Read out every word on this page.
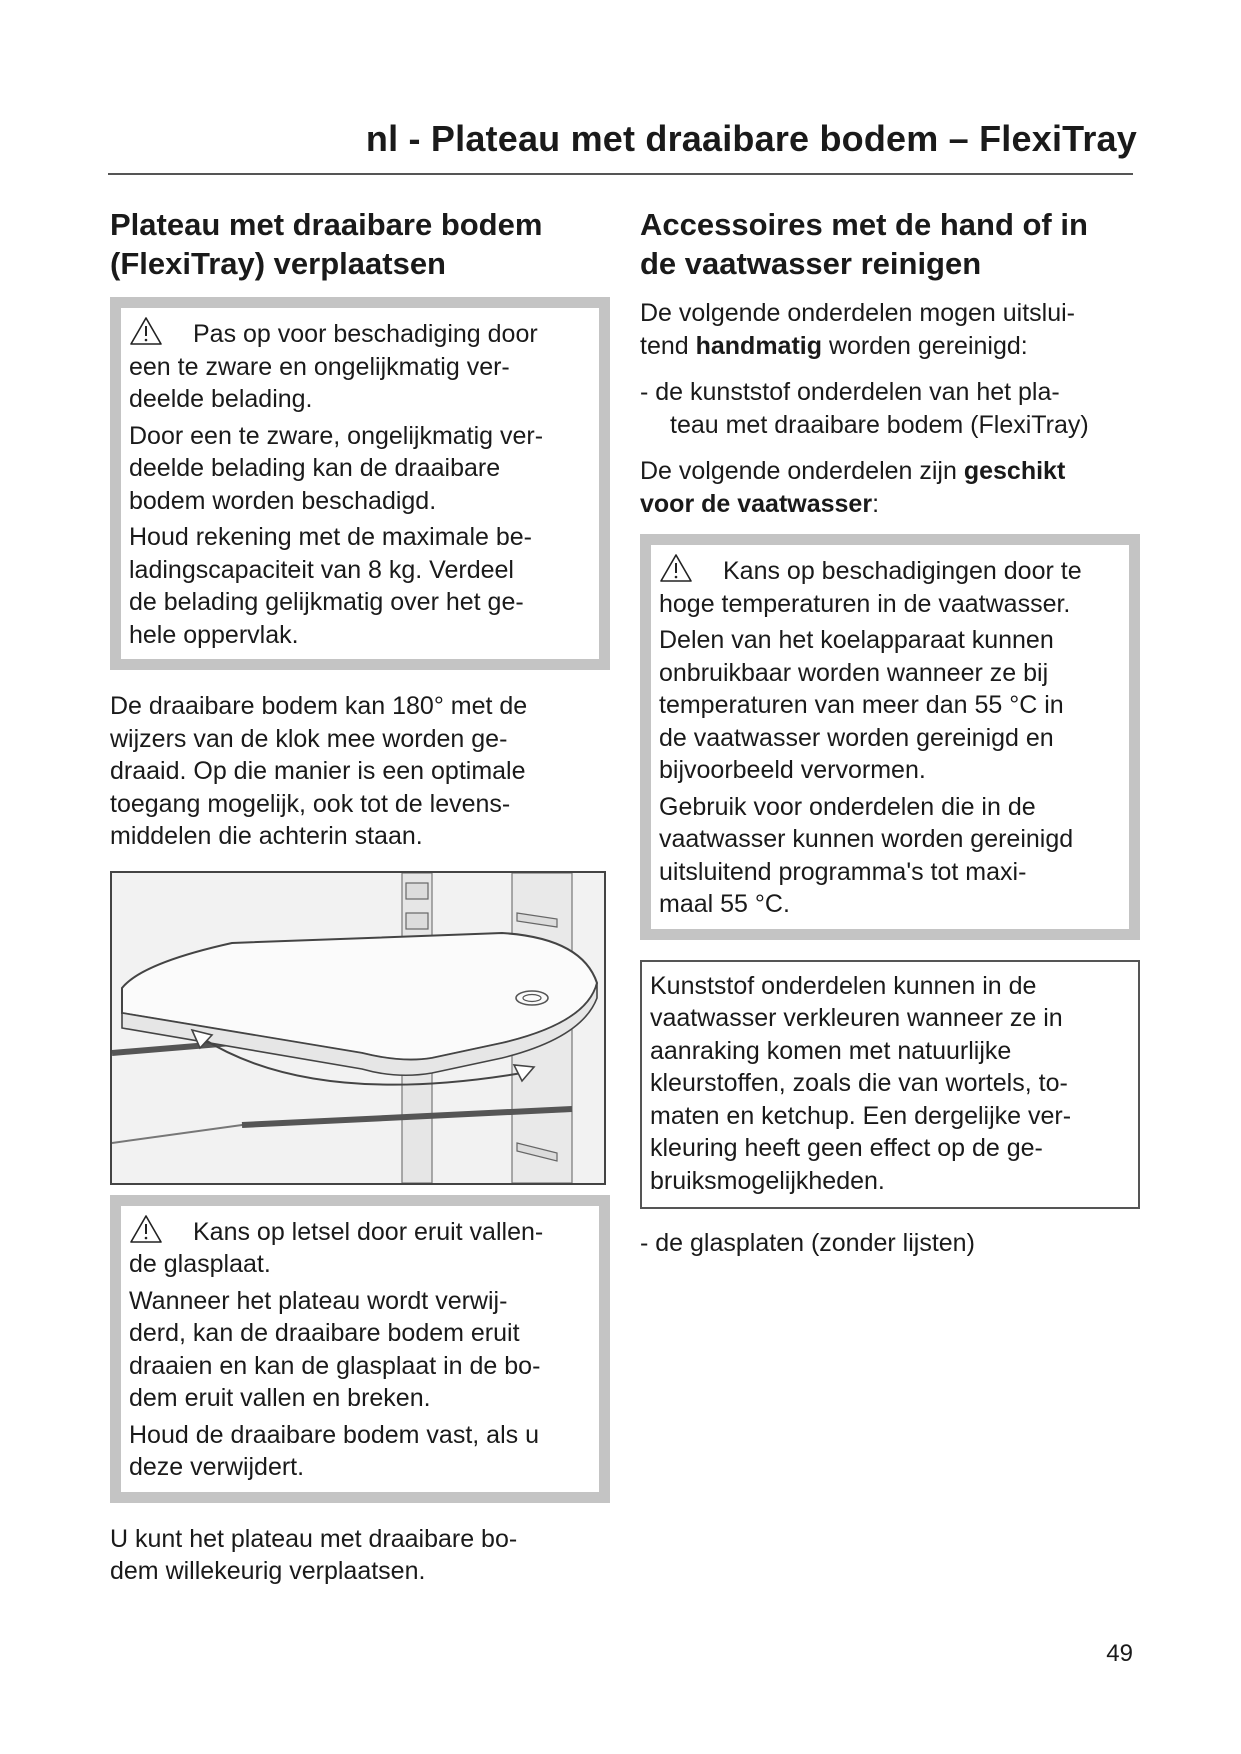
nl - Plateau met draaibare bodem – FlexiTray
Plateau met draaibare bodem
(FlexiTray) verplaatsen

Pas op voor beschadiging door
een te zware en ongelijkmatig ver-
deelde belading.

Door een te zware, ongelijkmatig ver-
deelde belading kan de draaibare
bodem worden beschadigd.

Houd rekening met de maximale be-
ladingscapaciteit van 8 kg. Verdeel
de belading gelijkmatig over het ge-
hele oppervlak.

De draaibare bodem kan 180° met de
wijzers van de klok mee worden ge-
draaid. Op die manier is een optimale
toegang mogelijk, ook tot de levens-
middelen die achterin staan.

Kans op letsel door eruit vallen-
de glasplaat.

Wanneer het plateau wordt verwij-
derd, kan de draaibare bodem eruit
draaien en kan de glasplaat in de bo-
dem eruit vallen en breken.

Houd de draaibare bodem vast, als u
deze verwijdert.

U kunt het plateau met draaibare bo-
dem willekeurig verplaatsen.

Accessoires met de hand of in
de vaatwasser reinigen

De volgende onderdelen mogen uitslui-
tend handmatig worden gereinigd:

- de kunststof onderdelen van het pla-

teau met draaibare bodem (FlexiTray)

De volgende onderdelen zijn geschikt
voor de vaatwasser:

Kans op beschadigingen door te
hoge temperaturen in de vaatwasser.

Delen van het koelapparaat kunnen
onbruikbaar worden wanneer ze bij
temperaturen van meer dan 55 °C in
de vaatwasser worden gereinigd en
bijvoorbeeld vervormen.

Gebruik voor onderdelen die in de
vaatwasser kunnen worden gereinigd
uitsluitend programma's tot maxi-
maal 55 °C.

Kunststof onderdelen kunnen in de
vaatwasser verkleuren wanneer ze in
aanraking komen met natuurlijke
kleurstoffen, zoals die van wortels, to-
maten en ketchup. Een dergelijke ver-
kleuring heeft geen effect op de ge-
bruiksmogelijkheden.

- de glasplaten (zonder lijsten)

49
